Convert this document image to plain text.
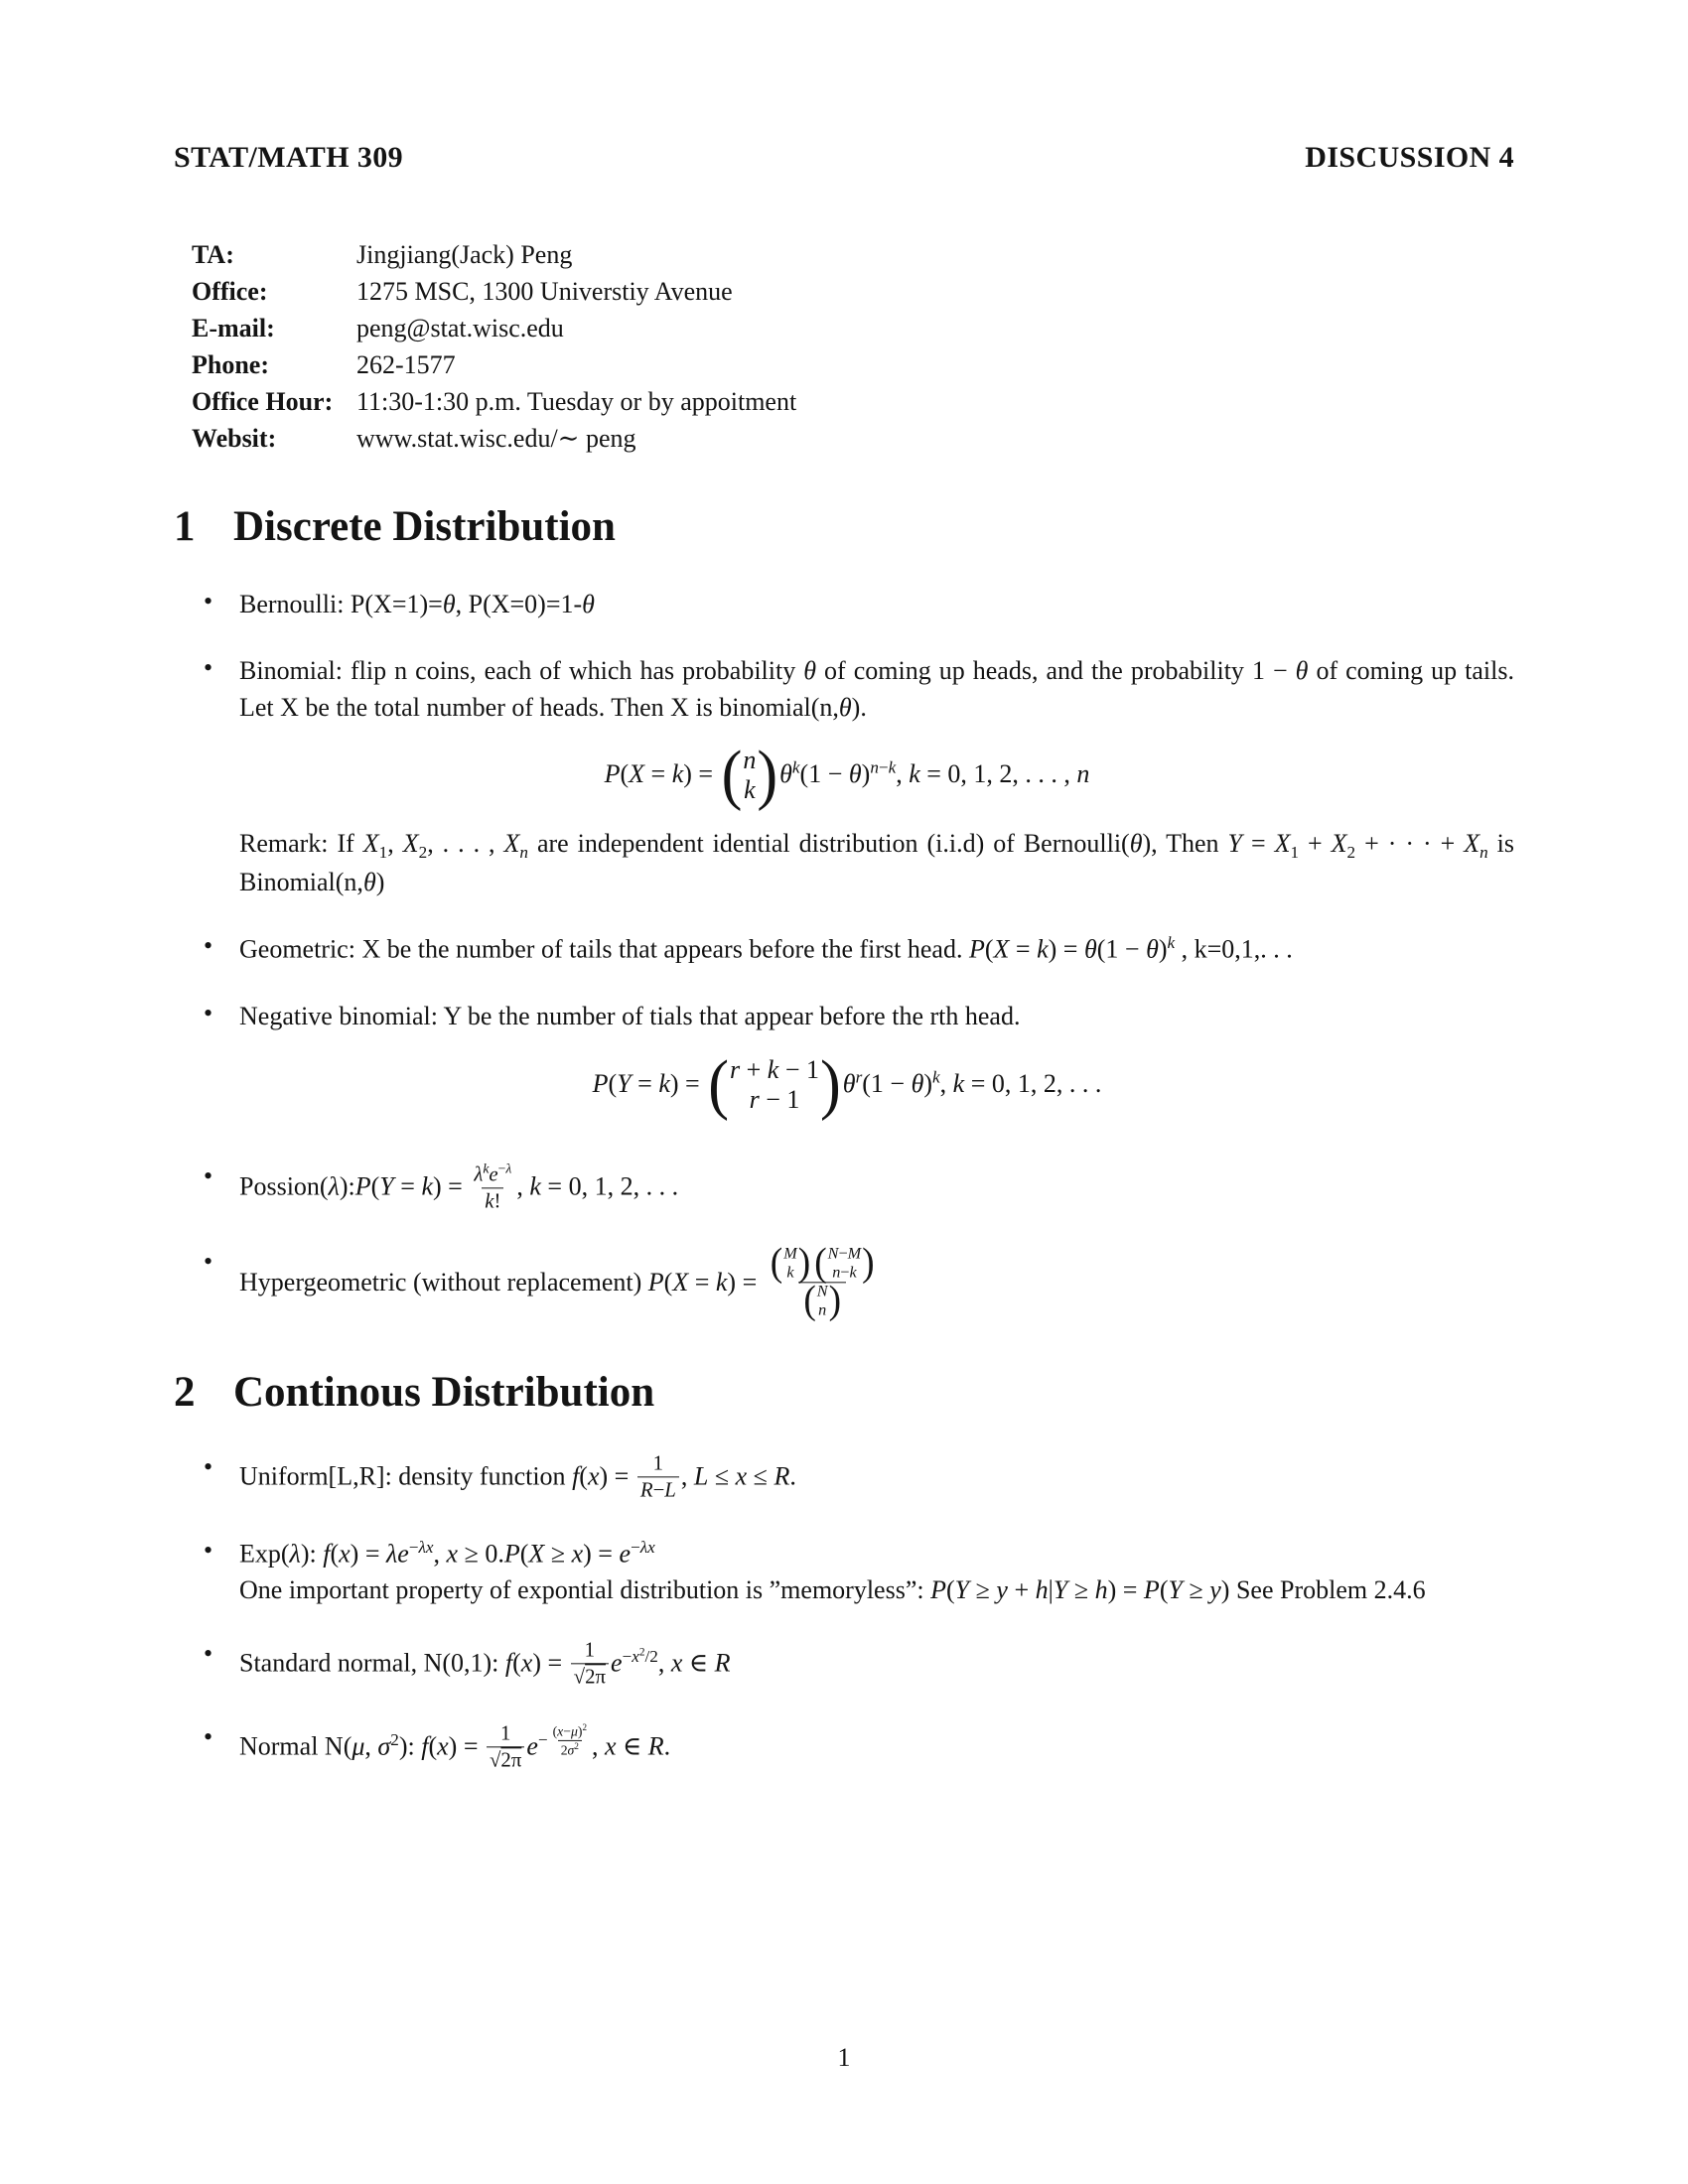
STAT/MATH 309	DISCUSSION 4
TA:	Jingjiang(Jack) Peng
Office:	1275 MSC, 1300 Universtiy Avenue
E-mail:	peng@stat.wisc.edu
Phone:	262-1577
Office Hour: 11:30-1:30 p.m. Tuesday or by appoitment
Websit:	www.stat.wisc.edu/∼ peng
1 Discrete Distribution
•

Bernoulli: P(X=1)=θ, P(X=0)=1-θ

•

Binomial: flip n coins, each of which has probability θ of coming up heads, and the probability 1 − θ of coming up tails. Let X be the total number of heads. Then X is binomial(n,θ).

P(X = k) = ( n
k ) $\theta^k(1 - \theta)^{n-k}$, k = 0, 1, 2, . . . , n

Remark: If $X_1$, $X_2$, . . . , $X_n$ are independent idential distribution (i.i.d) of Bernoulli(θ), Then $Y = X_1 + X_2$ + · · · + $X_n$ is Binomial(n,θ)

•

Geometric: X be the number of tails that appears before the first head. $P(X = k) = \theta(1 - \theta)^k$ , k=0,1,. . .

•

Negative binomial: Y be the number of tials that appear before the rth head.

P(Y = k) = ( r + k − 1
r − 1 ) $\theta^r(1 - \theta)^k$, k = 0, 1, 2, . . .
•

Possion(λ):P(Y = $k) = \frac{\lambda^ke^{-\lambda}}{k!}$ , k = 0, 1, 2, . . .

•

Hypergeometric (without replacement) P(X = k) = ( M
k ) ( N−M
n−k )
( N
n )

2 Continous Distribution
•

Uniform[L,R]: density function $f(x) = \frac{1}{R-L}$ , L ≤ x ≤ R.

•

Exp(λ): $f(x) = \lambda e^{-\lambda x}$, $x \ge 0.P(X \ge x) = e^{-\lambda x}$

One important property of expontial distribution is ”memoryless”: P(Y ≥ y + h|Y ≥ h) = P(Y ≥ y) See Problem 2.4.6

•

Standard normal, N(0,1): $f(x) = \frac{1}{√2\pi} e^{-x^2/2}$, x ∈ R

•

Normal N(μ, $\sigma^2$): $f(x) = \frac{1}{√2\pi} e^{- \frac{(x-\mu)^2}{2\sigma^2}}$ , x ∈ R.

1
